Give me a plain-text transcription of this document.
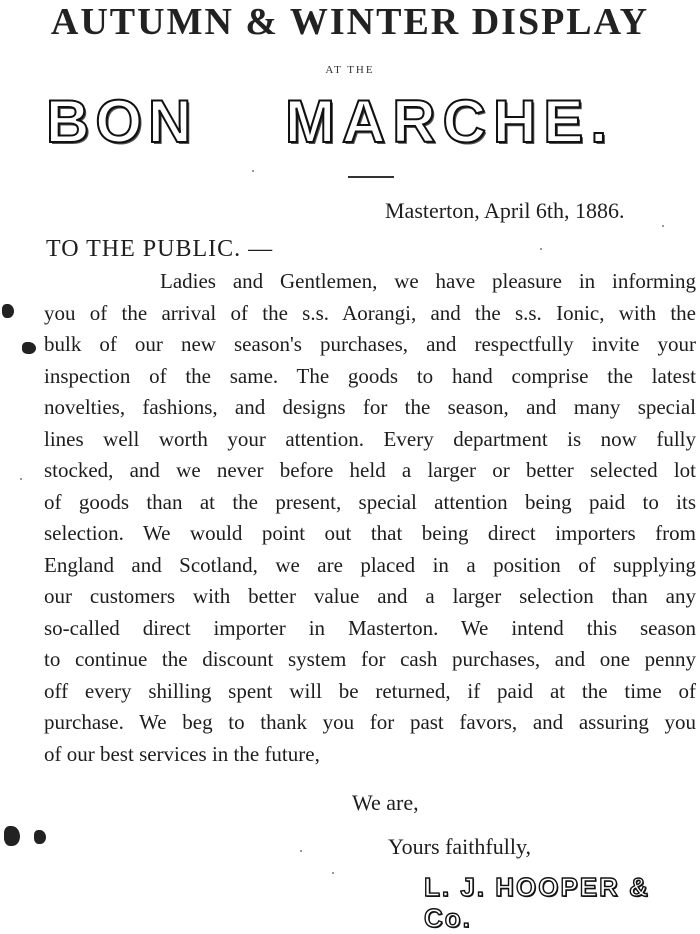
AUTUMN & WINTER DISPLAY
AT THE
BON MARCHE.
Masterton, April 6th, 1886.
TO THE PUBLIC. —
Ladies and Gentlemen, we have pleasure in informing
you of the arrival of the s.s. Aorangi, and the s.s. Ionic, with the
bulk of our new season's purchases, and respectfully invite your
inspection of the same. The goods to hand comprise the latest
novelties, fashions, and designs for the season, and many special
lines well worth your attention. Every department is now fully
stocked, and we never before held a larger or better selected lot
of goods than at the present, special attention being paid to its
selection. We would point out that being direct importers from
England and Scotland, we are placed in a position of supplying
our customers with better value and a larger selection than any
so-called direct importer in Masterton. We intend this season
to continue the discount system for cash purchases, and one penny
off every shilling spent will be returned, if paid at the time of
purchase. We beg to thank you for past favors, and assuring you
of our best services in the future,
We are,
Yours faithfully,
L. J. HOOPER & Co.
